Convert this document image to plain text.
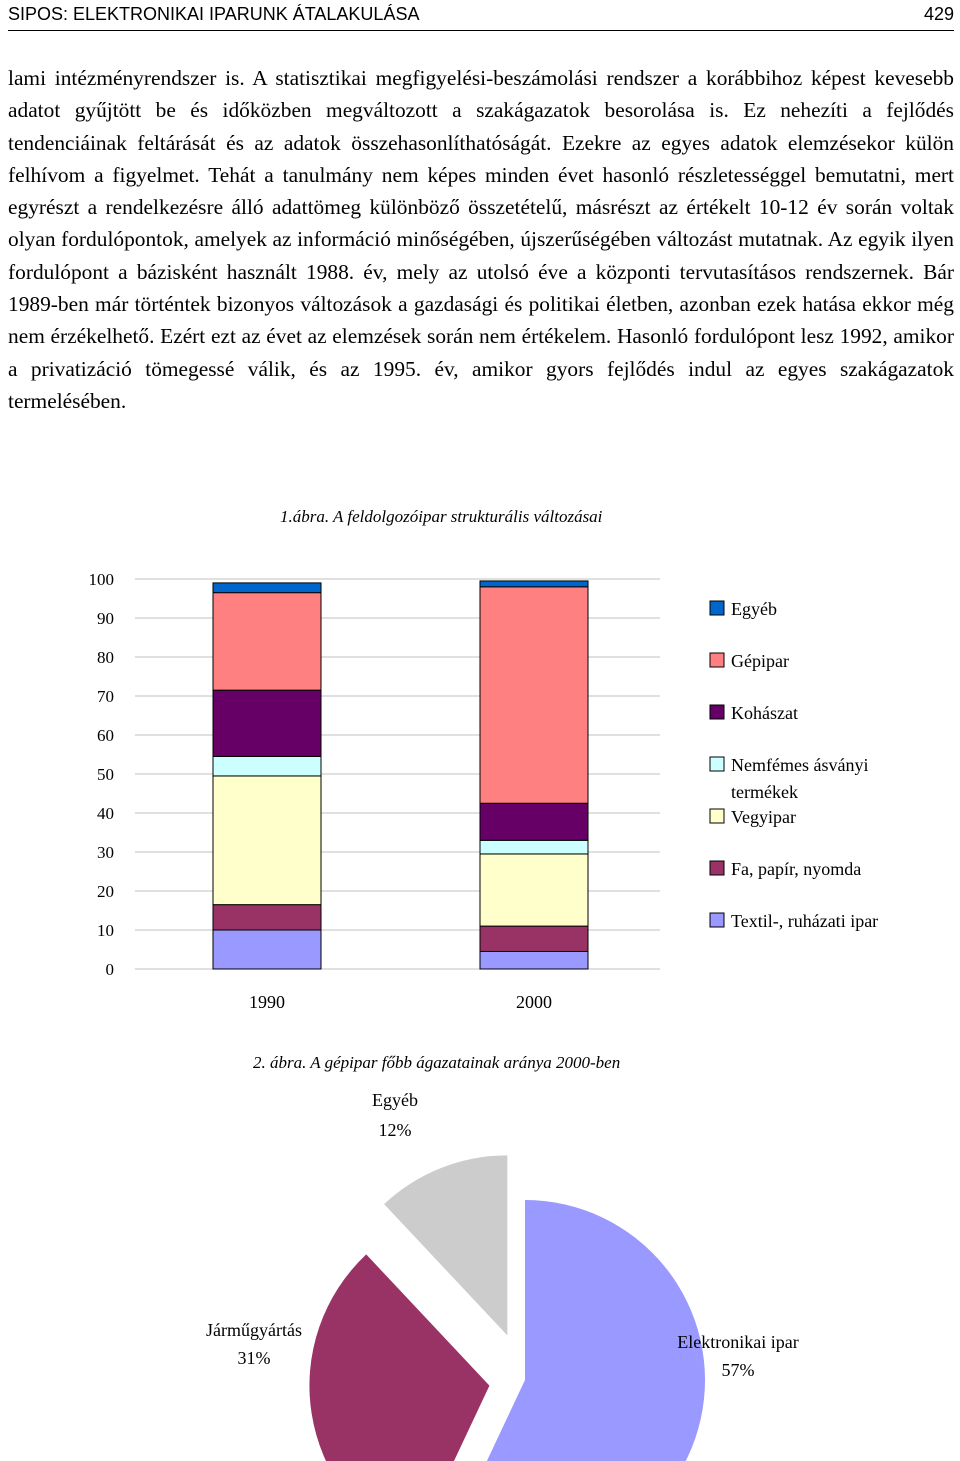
SIPOS: ELEKTRONIKAI IPARUNK ÁTALAKULÁSA	429

lami intézményrendszer is. A statisztikai megfigyelési-beszámolási rendszer a korábbihoz képest kevesebb adatot gyűjtött be és időközben megváltozott a szakágazatok besorolása is. Ez nehezíti a fejlődés tendenciáinak feltárását és az adatok összehasonlíthatóságát. Ezekre az egyes adatok elemzésekor külön felhívom a figyelmet. Tehát a tanulmány nem képes minden évet hasonló részletességgel bemutatni, mert egyrészt a rendelkezésre álló adattömeg különböző összetételű, másrészt az értékelt 10-12 év során voltak olyan fordulópontok, amelyek az információ minőségében, újszerűségében változást mutatnak. Az egyik ilyen fordulópont a bázisként használt 1988. év, mely az utolsó éve a központi tervutasításos rendszernek. Bár 1989-ben már történtek bizonyos változások a gazdasági és politikai életben, azonban ezek hatása ekkor még nem érzékelhető. Ezért ezt az évet az elemzések során nem értékelem. Hasonló fordulópont lesz 1992, amikor a privatizáció tömegessé válik, és az 1995. év, amikor gyors fejlődés indul az egyes szakágazatok termelésében.

1.ábra. A feldolgozóipar strukturális változásai
0
10
20
30
40
50
60
70
80
90
100
1990	2000
Egyéb
Gépipar
Kohászat
Nemfémes ásványi termékek
Vegyipar
Fa, papír, nyomda
Textil-, ruházati ipar
2. ábra. A gépipar főbb ágazatainak aránya 2000-ben
Elektronikai ipar
57%
Járműgyártás
31%
Egyéb
12%
